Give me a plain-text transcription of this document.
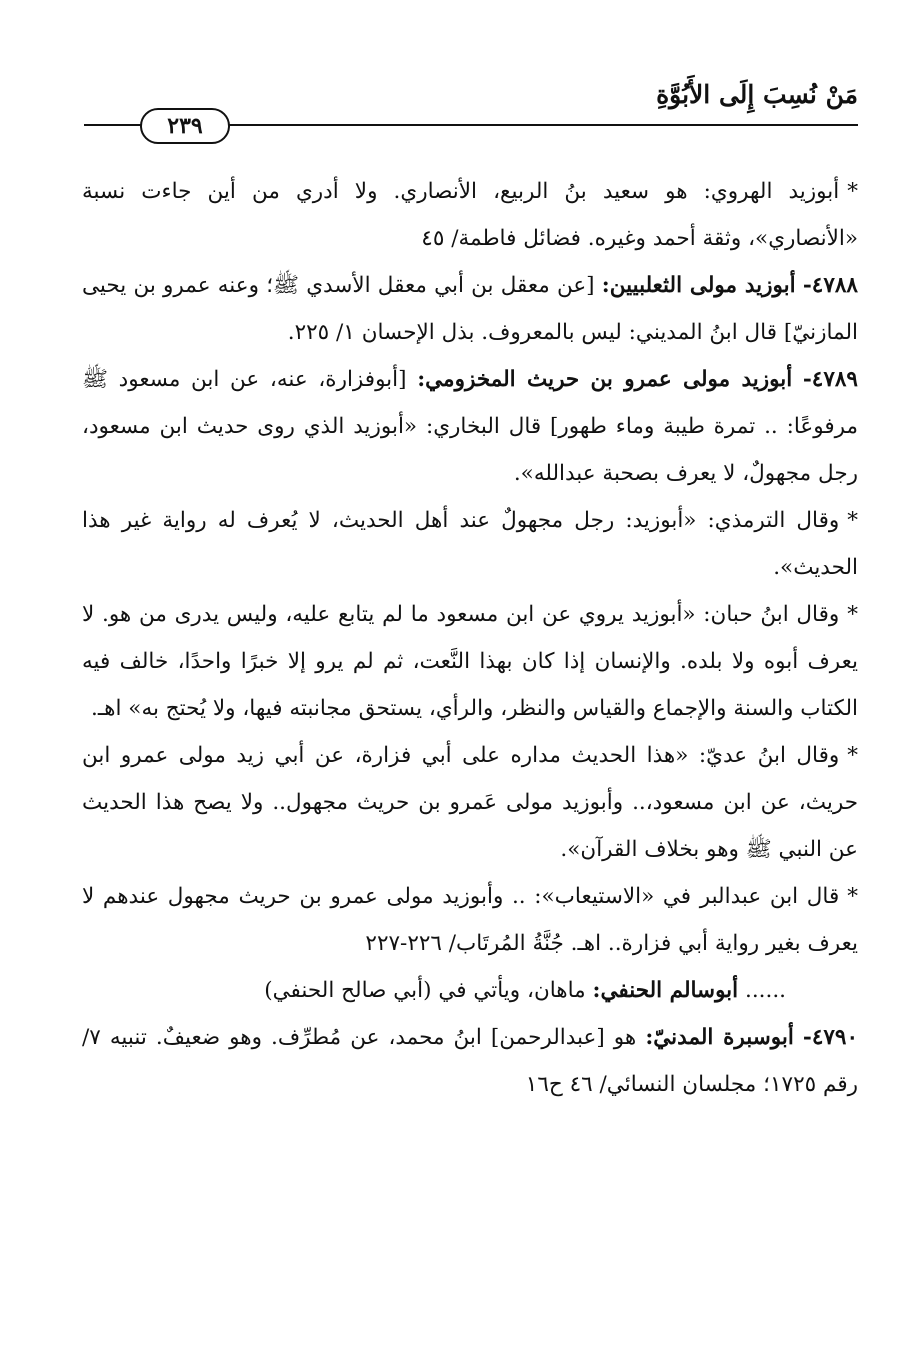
مَنْ نُسِبَ إِلَى الأَبُوَّةِ
٢٣٩

*أبوزيد الهروي: هو سعيد بنُ الربيع، الأنصاري. ولا أدري من أين جاءت نسبة «الأنصاري»، وثقة أحمد وغيره. فضائل فاطمة/ ٤٥

٤٧٨٨- أبوزيد مولى الثعلبيين: [عن معقل بن أبي معقل الأسدي ﷺ؛ وعنه عمرو بن يحيى المازنيّ] قال ابنُ المديني: ليس بالمعروف. بذل الإحسان ١/ ٢٢٥.

٤٧٨٩- أبوزيد مولى عمرو بن حريث المخزومي: [أبوفزارة، عنه، عن ابن مسعود ﷺ مرفوعًا: .. تمرة طيبة وماء طهور] قال البخاري: «أبوزيد الذي روى حديث ابن مسعود، رجل مجهولٌ، لا يعرف بصحبة عبدالله».

*وقال الترمذي: «أبوزيد: رجل مجهولٌ عند أهل الحديث، لا يُعرف له رواية غير هذا الحديث».

*وقال ابنُ حبان: «أبوزيد يروي عن ابن مسعود ما لم يتابع عليه، وليس يدرى من هو. لا يعرف أبوه ولا بلده. والإنسان إذا كان بهذا النَّعت، ثم لم يرو إلا خبرًا واحدًا، خالف فيه الكتاب والسنة والإجماع والقياس والنظر، والرأي، يستحق مجانبته فيها، ولا يُحتج به» اهـ.

*وقال ابنُ عديّ: «هذا الحديث مداره على أبي فزارة، عن أبي زيد مولى عمرو ابن حريث، عن ابن مسعود،.. وأبوزيد مولى عَمرو بن حريث مجهول.. ولا يصح هذا الحديث عن النبي ﷺ وهو بخلاف القرآن».

*قال ابن عبدالبر في «الاستيعاب»: .. وأبوزيد مولى عمرو بن حريث مجهول عندهم لا يعرف بغير رواية أبي فزارة.. اهـ. جُنَّةُ المُرتَاب/ ٢٢٦-٢٢٧

...... أبوسالم الحنفي: ماهان، ويأتي في (أبي صالح الحنفي)

٤٧٩٠- أبوسبرة المدنيّ: هو [عبدالرحمن] ابنُ محمد، عن مُطرِّف. وهو ضعيفٌ. تنبيه ٧/ رقم ١٧٢٥؛ مجلسان النسائي/ ٤٦ ح١٦
